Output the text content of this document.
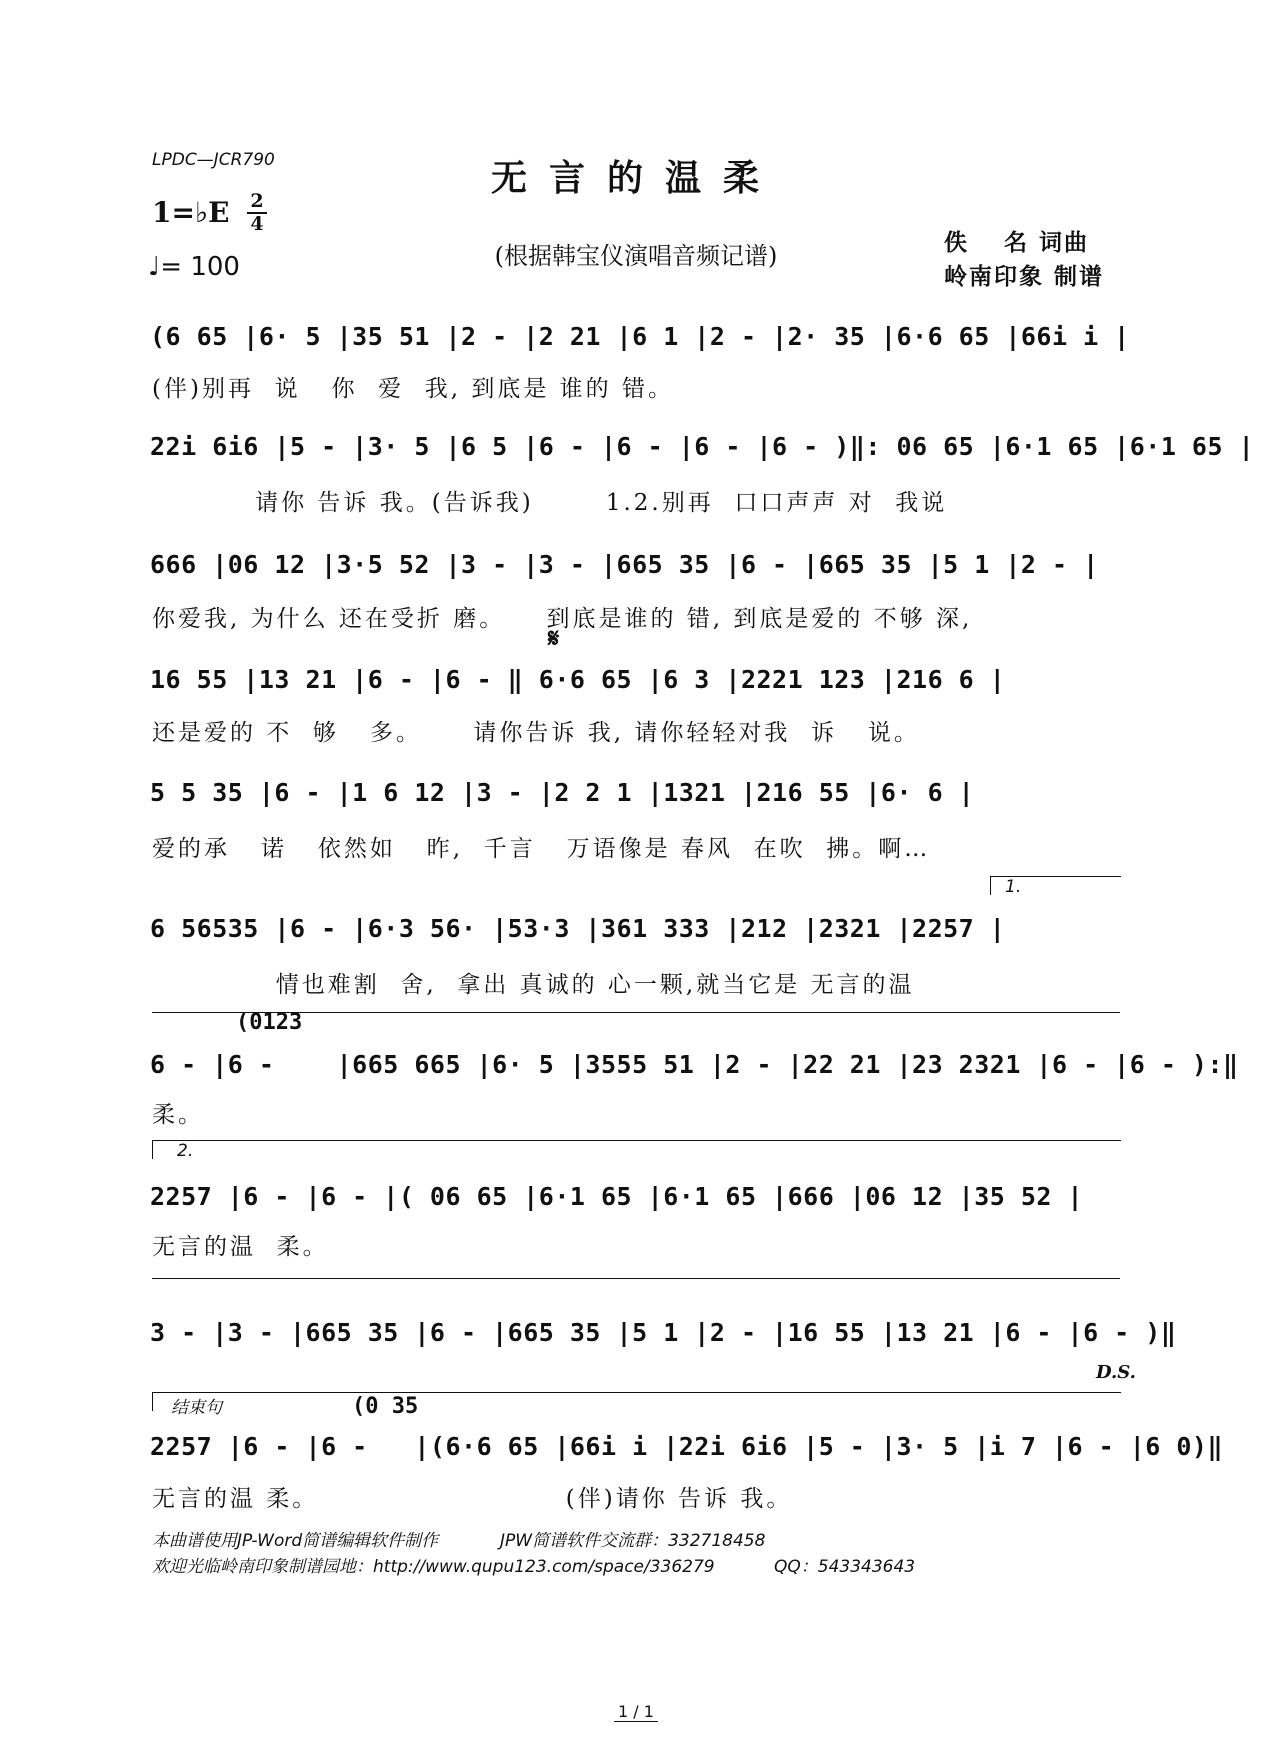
LPDC—JCR790	无言的温柔
(根据韩宝仪演唱音频记谱)
1=♭E 2
4
♩= 100
佚　 名 词曲
岭南印象 制谱
(6 65 |6· 5 |35 51 |2 - |2 21 |6 1 |2 - |2· 35 |6·6 65 |66i i |
(伴)别再  说   你  爱  我, 到底是 谁的 错。
22i 6i6 |5 - |3· 5 |6 5 |6 - |6 - |6 - |6 - )‖: 06 65 |6·1 65 |6·1 65 |
请你 告诉 我。(告诉我)       1.2.别再  口口声声 对  我说
666 |06 12 |3·5 52 |3 - |3 - |665 35 |6 - |665 35 |5 1 |2 - |
你爱我, 为什么 还在受折 磨。    到底是谁的 错, 到底是爱的 不够 深,
𝄋
16 55 |13 21 |6 - |6 - ‖ 6·6 65 |6 3 |2221 123 |216 6 |
还是爱的 不  够   多。     请你告诉 我, 请你轻轻对我  诉   说。
5 5 35 |6 - |1 6 12 |3 - |2 2 1 |1321 |216 55 |6· 6 |
爱的承   诺   依然如   昨,  千言   万语像是 春风  在吹  拂。啊…
1.
6 56535 |6 - |6·3 56· |53·3 |361 333 |212 |2321 |2257 |
情也难割  舍,  拿出 真诚的 心一颗,就当它是 无言的温
(0123
6 - |6 -    |665 665 |6· 5 |3555 51 |2 - |22 21 |23 2321 |6 - |6 - ):‖
柔。
2.
2257 |6 - |6 - |( 06 65 |6·1 65 |6·1 65 |666 |06 12 |35 52 |
无言的温  柔。
3 - |3 - |665 35 |6 - |665 35 |5 1 |2 - |16 55 |13 21 |6 - |6 - )‖
D.S.
结束句	(0 35
2257 |6 - |6 -   |(6·6 65 |66i i |22i 6i6 |5 - |3· 5 |i 7 |6 - |6 0)‖
无言的温 柔。                        (伴)请你 告诉 我。
本曲谱使用JP-Word简谱编辑软件制作	JPW简谱软件交流群：332718458
欢迎光临岭南印象制谱园地：http://www.qupu123.com/space/336279	QQ：543343643
1 / 1
